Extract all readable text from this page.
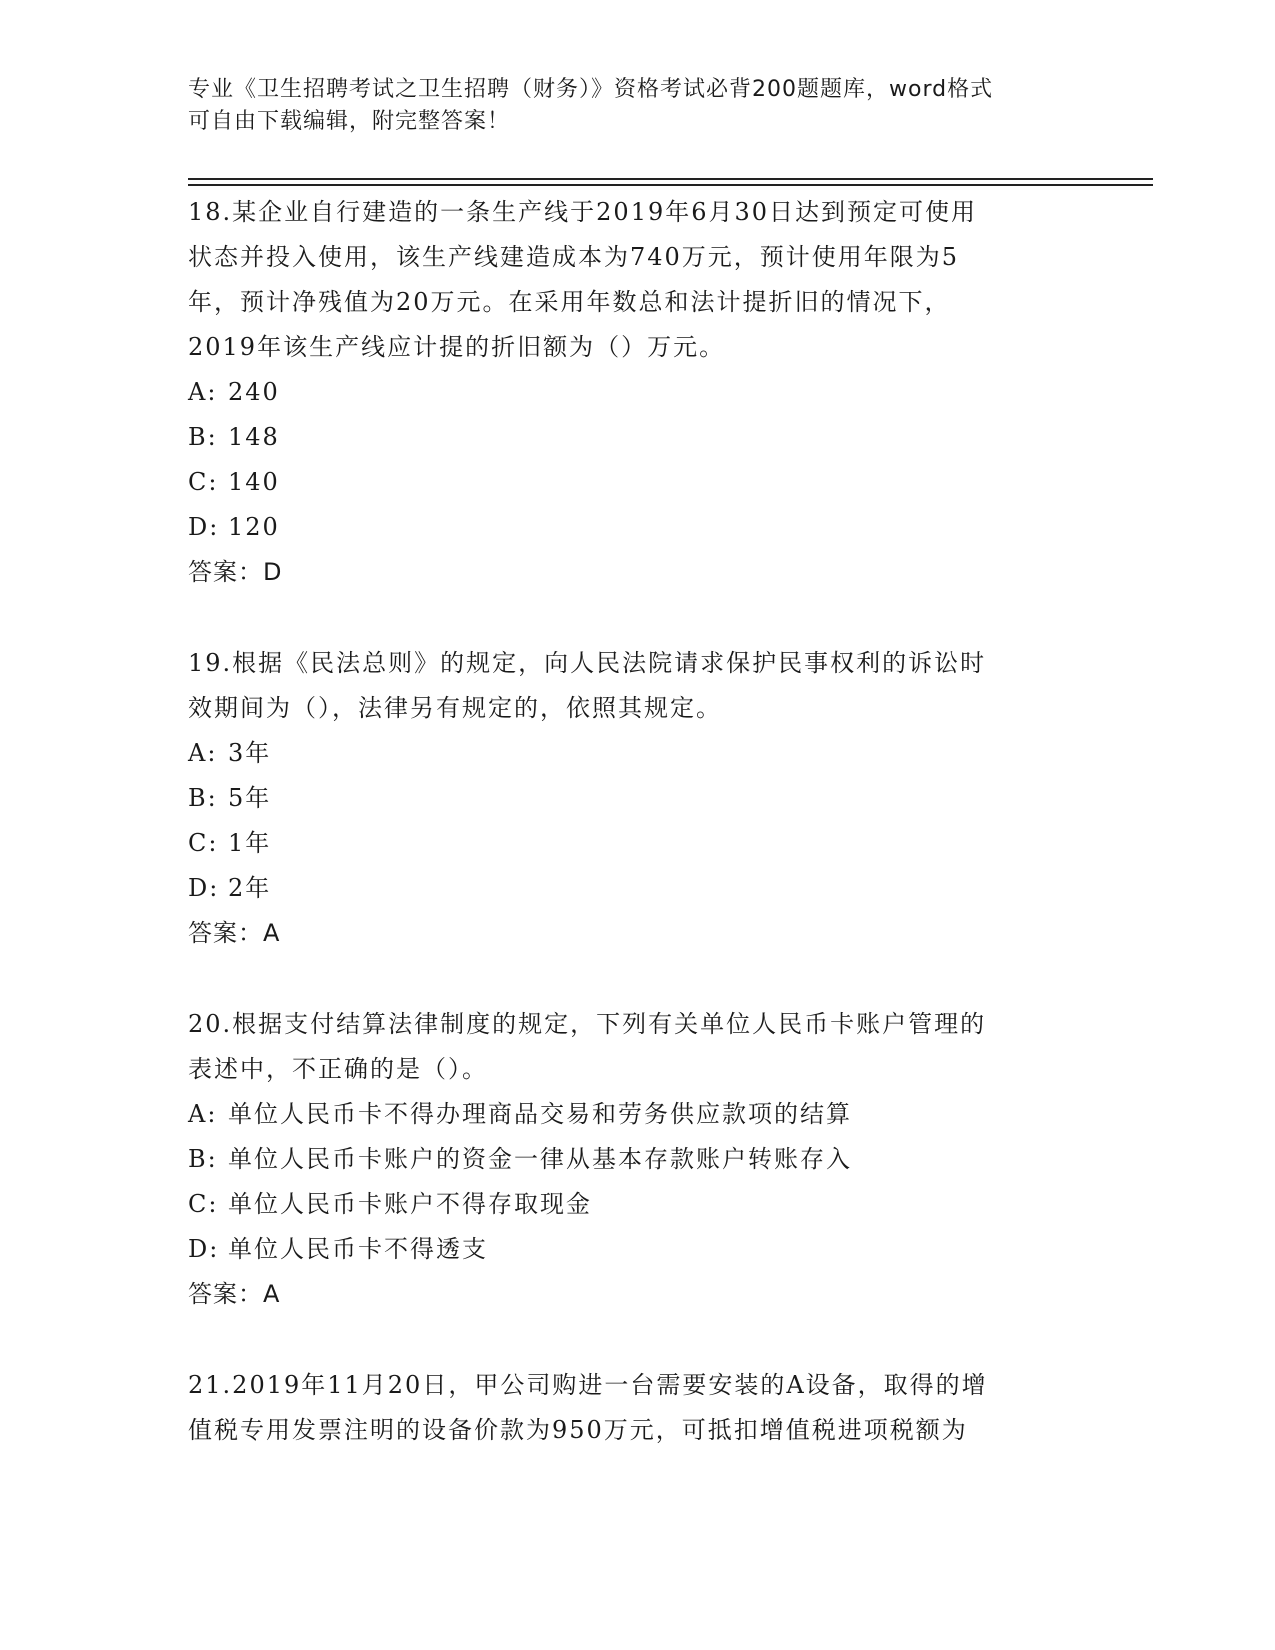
专业《卫生招聘考试之卫生招聘（财务）》资格考试必背200题题库，word格式
可自由下载编辑，附完整答案！
18.某企业自行建造的一条生产线于2019年6月30日达到预定可使用
状态并投入使用，该生产线建造成本为740万元，预计使用年限为5
年，预计净残值为20万元。在采用年数总和法计提折旧的情况下，
2019年该生产线应计提的折旧额为（）万元。
A: 240
B: 148
C: 140
D: 120
答案：D
19.根据《民法总则》的规定，向人民法院请求保护民事权利的诉讼时
效期间为（），法律另有规定的，依照其规定。
A: 3年
B: 5年
C: 1年
D: 2年
答案：A
20.根据支付结算法律制度的规定，下列有关单位人民币卡账户管理的
表述中，不正确的是（）。
A: 单位人民币卡不得办理商品交易和劳务供应款项的结算
B: 单位人民币卡账户的资金一律从基本存款账户转账存入
C: 单位人民币卡账户不得存取现金
D: 单位人民币卡不得透支
答案：A
21.2019年11月20日，甲公司购进一台需要安装的A设备，取得的增
值税专用发票注明的设备价款为950万元，可抵扣增值税进项税额为
